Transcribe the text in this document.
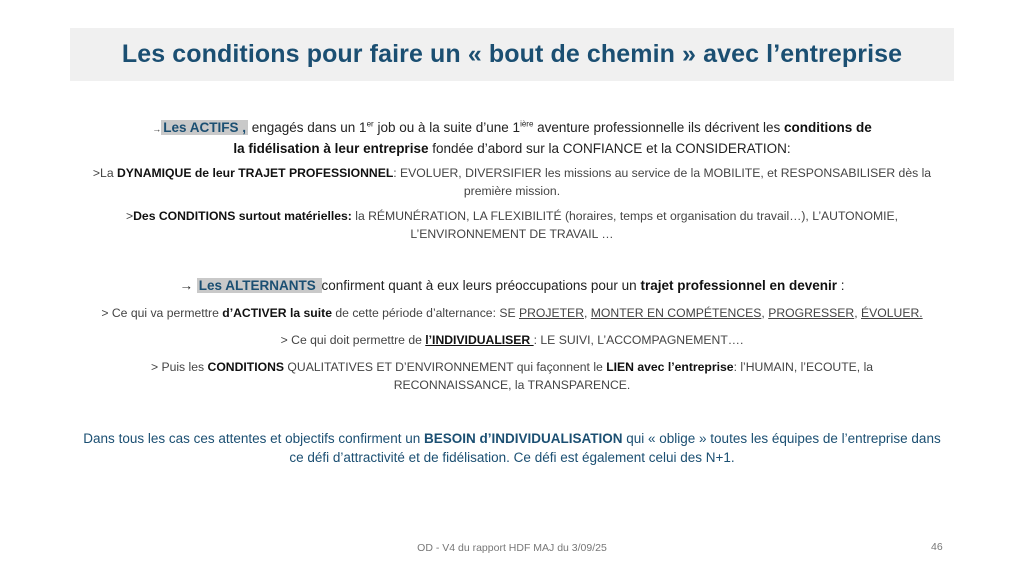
Les conditions pour faire un « bout de chemin » avec l’entreprise
→ Les ACTIFS , engagés dans un 1er job ou à la suite d’une $1^{ière}$ aventure professionnelle ils décrivent les conditions de la fidélisation à leur entreprise fondée d’abord sur la CONFIANCE et la CONSIDERATION:
>La DYNAMIQUE de leur TRAJET PROFESSIONNEL: EVOLUER, DIVERSIFIER les missions au service de la MOBILITE, et RESPONSABILISER dès la première mission.
>Des CONDITIONS surtout matérielles: la RÉMUNÉRATION, LA FLEXIBILITÉ (horaires, temps et organisation du travail…), L’AUTONOMIE, L’ENVIRONNEMENT DE TRAVAIL …
→ Les ALTERNANTS confirment quant à eux leurs préoccupations pour un trajet professionnel en devenir :
> Ce qui va permettre d’ACTIVER la suite de cette période d’alternance: SE PROJETER, MONTER EN COMPÉTENCES, PROGRESSER, ÉVOLUER.
> Ce qui doit permettre de l’INDIVIDUALISER : LE SUIVI, L’ACCOMPAGNEMENT….
> Puis les CONDITIONS QUALITATIVES ET D’ENVIRONNEMENT qui façonnent le LIEN avec l’entreprise: l’HUMAIN, l’ECOUTE, la RECONNAISSANCE, la TRANSPARENCE.
Dans tous les cas ces attentes et objectifs confirment un BESOIN d’INDIVIDUALISATION qui « oblige » toutes les équipes de l’entreprise dans ce défi d’attractivité et de fidélisation. Ce défi est également celui des N+1.
OD - V4 du rapport HDF MAJ du 3/09/25	46
